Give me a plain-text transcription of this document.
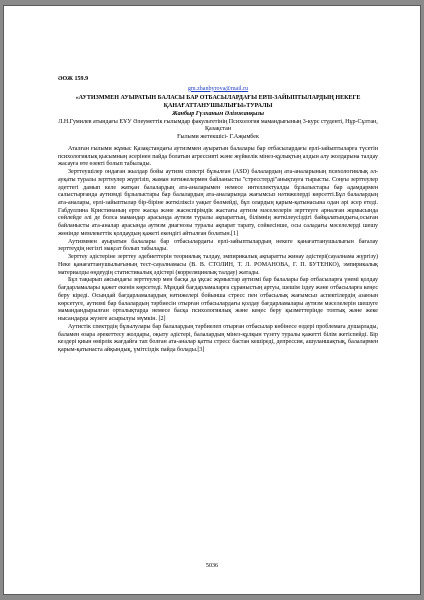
ӘОЖ 159.9
gm.zhanbyrova@mail.ru
«АУТИЗММЕН АУЫРАТЫН БАЛАСЫ БАР ОТБАСЫЛАРДАҒЫ ЕРЛІ-ЗАЙЫПТЫЛАРДЫҢ НЕКЕГЕ ҚАНАҒАТТАНУШЫЛЫҒЫ»ТУРАЛЫ
Жанбыр Гүлханым Әлімжанқызы
Л.Н.Гумилев атындағы ЕҰУ Әлеуметтік ғылымдар факультетінің Психология мамандығының 3-курс студенті, Нұр-Сұлтан, Қазақстан
Ғылыми жетекшісі- Г.Аҗымбек

Аталған ғылыми жұмыс Қазақстандағы аутизммен ауыратын балалары бар отбасылардағы ерлі-зайыптыларға түсетін психологиялық қысымның әсерінен пайда болатын агрессивті және жүйкелік мінез-құлықтың алдын алу жолдарына талдау жасауға өте өзекті болып табылады.

Зерттеушілер ондаған жылдар бойы аутизм спектрі бұзылған (ASD) балалардың ата-аналарының психологиялық әл-ауқаты туралы зерттеулер жүргізіп, жаман нәтижелермен байланысты "стресстерді"анықтауға тырысты. Соңғы зерттеулер әдеттегі дамып келе жатқан балалардың ата-аналарымен немесе интеллектуалды бұзылыстары бар адамдармен салыстырғанда аутизмді бұзылыстары бар балалардың ата-аналарында жағымсыз нәтижелерді көрсетті.Бұл балалардың ата-аналары, ерлі-зайыптылар бір-біріне жеткіліксіз уақыт бөлмейді, бұл олардың қарым-қатынасына одан әрі әсер етеді. Габдуллина Кристинаның ерте жасқа және жасөспірімдік жастағы аутизм мәселелерін зерттеуге арналған жұмысында сөйлейде әлі де болса мамандар арасында аутизм туралы ақпараттың, білімнің жеткілеусіздігі байқалатындығы,осыған байланысты ата-аналар арасында аутизм диагнозы туралы ақпарат тарату, сойкесінше, осы саладағы мәселелерді шешу жөнінде мемлекеттік қолдаудың қажеті екендігі айтылған болатын.[1]

Аутизммен ауыратын балалары бар отбасылардағы ерлі-зайыптылардың некеге қанағаттанушылығын бағалау зерттеудің негізгі мақсат болып табылады.

Зерттеу әдістеріне зерттеу әдебиеттерін теориялық талдау, эмпирикалық ақпаратты жинау әдістері(сауалнама жүргізу) Неке қанағаттанушылығының тест-сауалнамасы (В. В. СТОЛИН, Т. Л. РОМАНОВА, Г. П. БУТЕНКО), эмпирикалық материалды өңдеудің статистикалық әдістері (корреляциялық талдау) жатады.

Бұл тақырып аясындағы зерттеулер мен басқа да ұқсас жұмыстар аутизмі бар балалары бар отбасыларға үнемі қолдау бағдарламалары қажет екенін көрсетеді. Мұндай бағдарламаларға сұраныстың артуы, шешім іздеу және отбасыларға кеңес беру кіреді. Осындай бағдарламалардың нәтижелері бойынша стресс пен отбасылық жағымсыз аспектілердің азаюын көрсетуге, аутизмі бар балалардың тәрбиесін отырған отбасылардағы қолдау бағдарламалары аутизм мәселелерін шешуге мамандандырылған орталықтарда немесе басқа психологиялық және кеңес беру қызметтерінде топтық және жеке нысандарда жүзеге асырылуы мүмкін. [2]

Аутистік спектрдің бұзылулары бар балалардың тәрбиелеп отырған отбасылар көбінесе өздері проблемаға душарлады, баламен өзара әрекеттесу жолдары, оқыту әдістері, балалардың мінез-құлқын түзету туралы қажетті білім жетіспейді. Бір кездері қиын өмірлік жағдайға тап болған ата-аналар қатты стресс бастан кешіреді, депрессия, ашуланшақтық, балалармен қарым-қатынаста айқындық, үмітсіздік пайда болады.[3]

5036
